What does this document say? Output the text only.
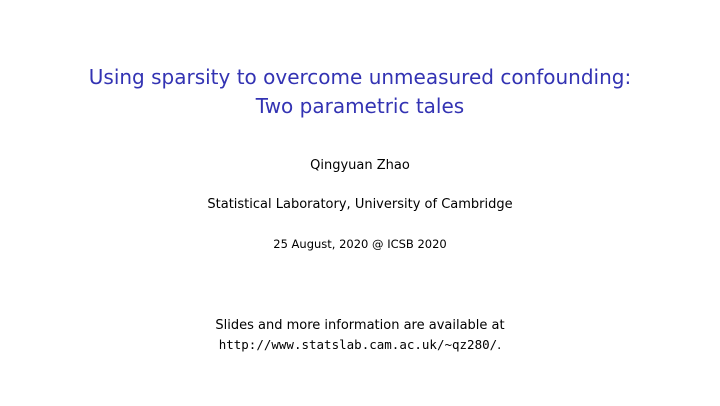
Using sparsity to overcome unmeasured confounding:
Two parametric tales
Qingyuan Zhao
Statistical Laboratory, University of Cambridge
25 August, 2020 @ ICSB 2020
Slides and more information are available at
http://www.statslab.cam.ac.uk/~qz280/.
